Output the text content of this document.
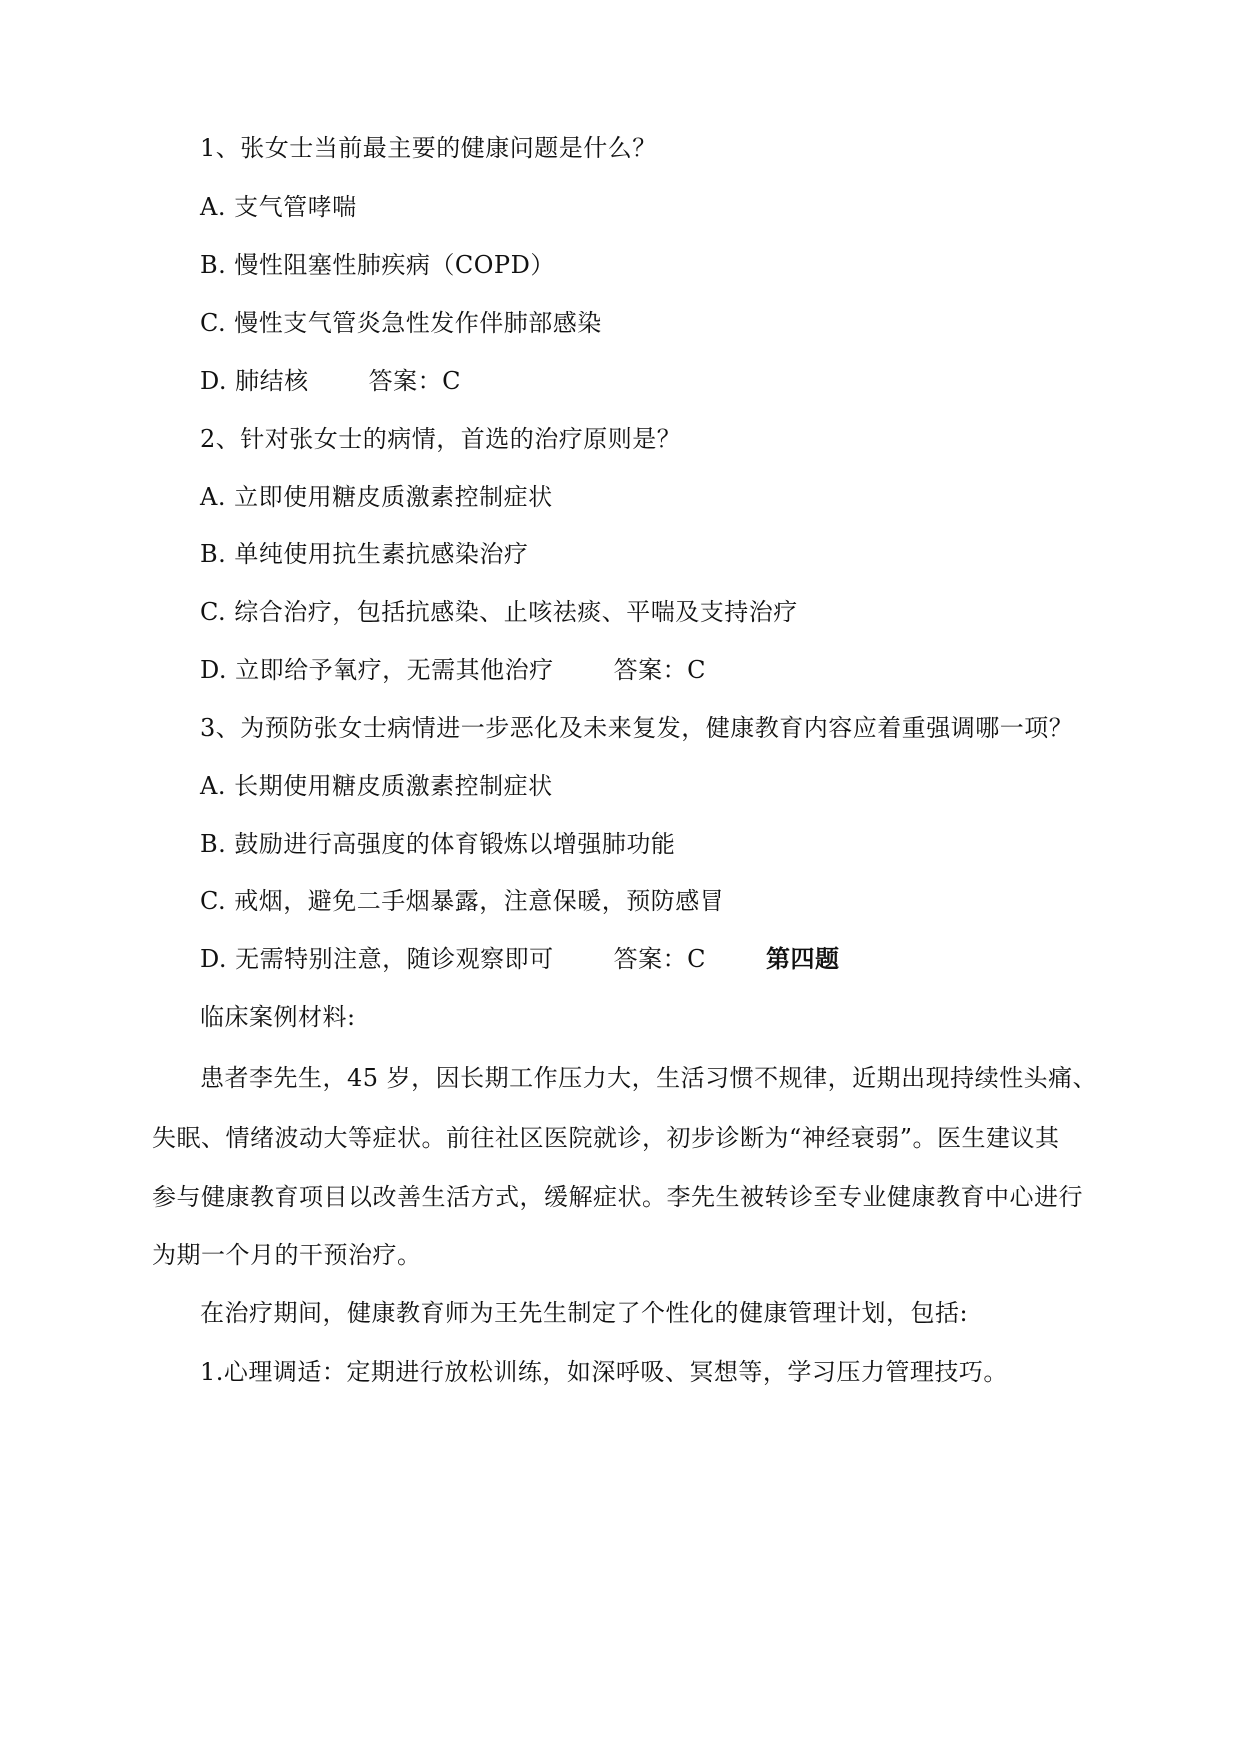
1、张女士当前最主要的健康问题是什么？
A. 支气管哮喘
B. 慢性阻塞性肺疾病（COPD）
C. 慢性支气管炎急性发作伴肺部感染
D. 肺结核	答案：C
2、针对张女士的病情，首选的治疗原则是？
A. 立即使用糖皮质激素控制症状
B. 单纯使用抗生素抗感染治疗
C. 综合治疗，包括抗感染、止咳祛痰、平喘及支持治疗
D. 立即给予氧疗，无需其他治疗	答案：C
3、为预防张女士病情进一步恶化及未来复发，健康教育内容应着重强调哪一项？
A. 长期使用糖皮质激素控制症状
B. 鼓励进行高强度的体育锻炼以增强肺功能
C. 戒烟，避免二手烟暴露，注意保暖，预防感冒
D. 无需特别注意，随诊观察即可	答案：C	第四题
临床案例材料:
患者李先生，45 岁，因长期工作压力大，生活习惯不规律，近期出现持续性头痛、
失眠、情绪波动大等症状。前往社区医院就诊，初步诊断为“神经衰弱”。医生建议其
参与健康教育项目以改善生活方式，缓解症状。李先生被转诊至专业健康教育中心进行
为期一个月的干预治疗。
在治疗期间，健康教育师为王先生制定了个性化的健康管理计划，包括:
1.心理调适：定期进行放松训练，如深呼吸、冥想等，学习压力管理技巧。
